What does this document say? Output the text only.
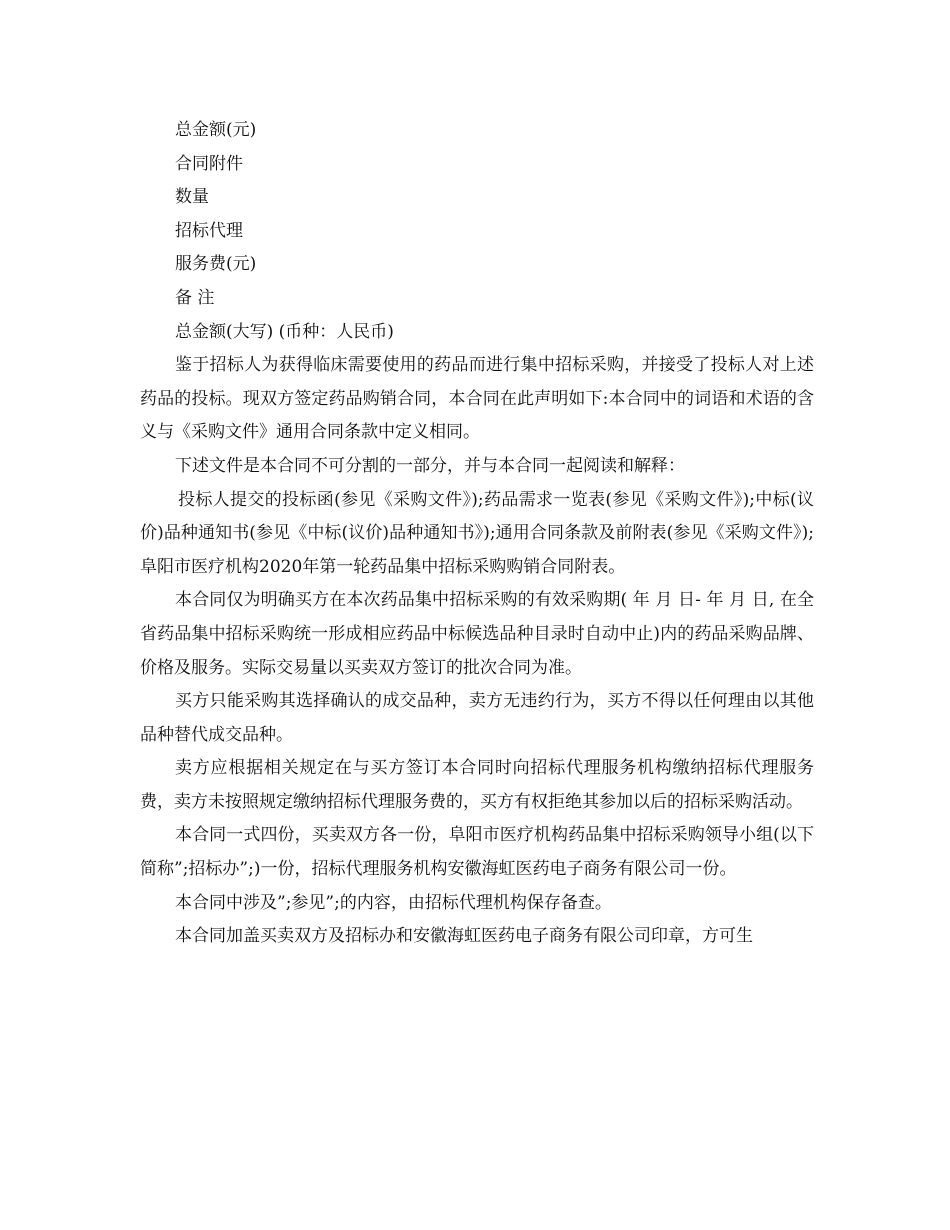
总金额(元)

合同附件

数量

招标代理

服务费(元)

备 注

总金额(大写) (币种：人民币)

鉴于招标人为获得临床需要使用的药品而进行集中招标采购，并接受了投标人对上述药品的投标。现双方签定药品购销合同，本合同在此声明如下:本合同中的词语和术语的含义与《采购文件》通用合同条款中定义相同。

下述文件是本合同不可分割的一部分，并与本合同一起阅读和解释：

投标人提交的投标函(参见《采购文件》);药品需求一览表(参见《采购文件》);中标(议价)品种通知书(参见《中标(议价)品种通知书》);通用合同条款及前附表(参见《采购文件》); 阜阳市医疗机构2020年第一轮药品集中招标采购购销合同附表。

本合同仅为明确买方在本次药品集中招标采购的有效采购期( 年 月 日- 年 月 日, 在全省药品集中招标采购统一形成相应药品中标候选品种目录时自动中止)内的药品采购品牌、价格及服务。实际交易量以买卖双方签订的批次合同为准。

买方只能采购其选择确认的成交品种，卖方无违约行为，买方不得以任何理由以其他品种替代成交品种。

卖方应根据相关规定在与买方签订本合同时向招标代理服务机构缴纳招标代理服务费，卖方未按照规定缴纳招标代理服务费的，买方有权拒绝其参加以后的招标采购活动。

本合同一式四份，买卖双方各一份，阜阳市医疗机构药品集中招标采购领导小组(以下简称”;招标办”;)一份，招标代理服务机构安徽海虹医药电子商务有限公司一份。

本合同中涉及”;参见”;的内容，由招标代理机构保存备查。

本合同加盖买卖双方及招标办和安徽海虹医药电子商务有限公司印章，方可生
